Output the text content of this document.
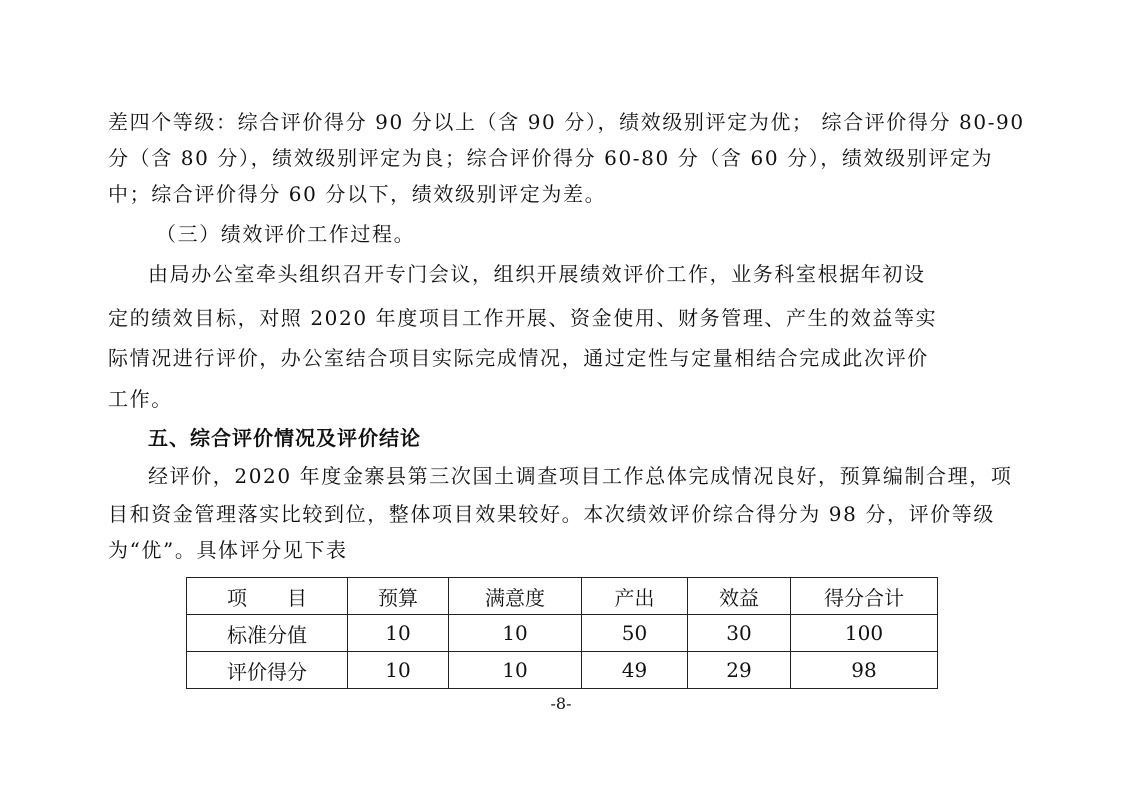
差四个等级：综合评价得分 90 分以上（含 90 分），绩效级别评定为优； 综合评价得分 80-90
分（含 80 分），绩效级别评定为良；综合评价得分 60-80 分（含 60 分），绩效级别评定为
中；综合评价得分 60 分以下，绩效级别评定为差。
（三）绩效评价工作过程。
由局办公室牵头组织召开专门会议，组织开展绩效评价工作，业务科室根据年初设
定的绩效目标，对照 2020 年度项目工作开展、资金使用、财务管理、产生的效益等实
际情况进行评价，办公室结合项目实际完成情况，通过定性与定量相结合完成此次评价
工作。
五、综合评价情况及评价结论
经评价，2020 年度金寨县第三次国土调查项目工作总体完成情况良好，预算编制合理，项
目和资金管理落实比较到位，整体项目效果较好。本次绩效评价综合得分为 98 分，评价等级
为“优”。具体评分见下表
项　　目	预算	满意度	产出	效益	得分合计
标准分值	10	10	50	30	100
评价得分	10	10	49	29	98
-8-
